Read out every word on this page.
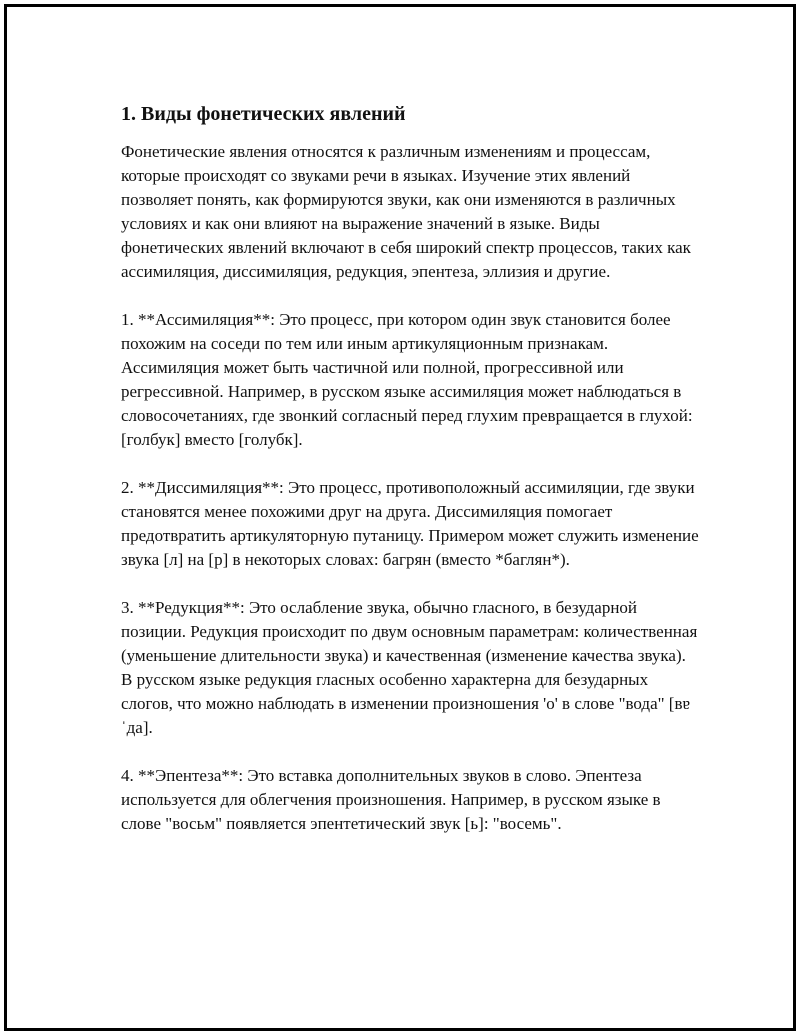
1. Виды фонетических явлений

Фонетические явления относятся к различным изменениям и процессам, которые происходят со звуками речи в языках. Изучение этих явлений позволяет понять, как формируются звуки, как они изменяются в различных условиях и как они влияют на выражение значений в языке. Виды фонетических явлений включают в себя широкий спектр процессов, таких как ассимиляция, диссимиляция, редукция, эпентеза, эллизия и другие.

1. **Ассимиляция**: Это процесс, при котором один звук становится более похожим на соседи по тем или иным артикуляционным признакам. Ассимиляция может быть частичной или полной, прогрессивной или регрессивной. Например, в русском языке ассимиляция может наблюдаться в словосочетаниях, где звонкий согласный перед глухим превращается в глухой: [голбук] вместо [голубк].

2. **Диссимиляция**: Это процесс, противоположный ассимиляции, где звуки становятся менее похожими друг на друга. Диссимиляция помогает предотвратить артикуляторную путаницу. Примером может служить изменение звука [л] на [р] в некоторых словах: багрян (вместо *баглян*).

3. **Редукция**: Это ослабление звука, обычно гласного, в безударной позиции. Редукция происходит по двум основным параметрам: количественная (уменьшение длительности звука) и качественная (изменение качества звука). В русском языке редукция гласных особенно характерна для безударных слогов, что можно наблюдать в изменении произношения 'о' в слове "вода" [вɐˈда].

4. **Эпентеза**: Это вставка дополнительных звуков в слово. Эпентеза используется для облегчения произношения. Например, в русском языке в слове "восьм" появляется эпентетический звук [ь]: "восемь".
